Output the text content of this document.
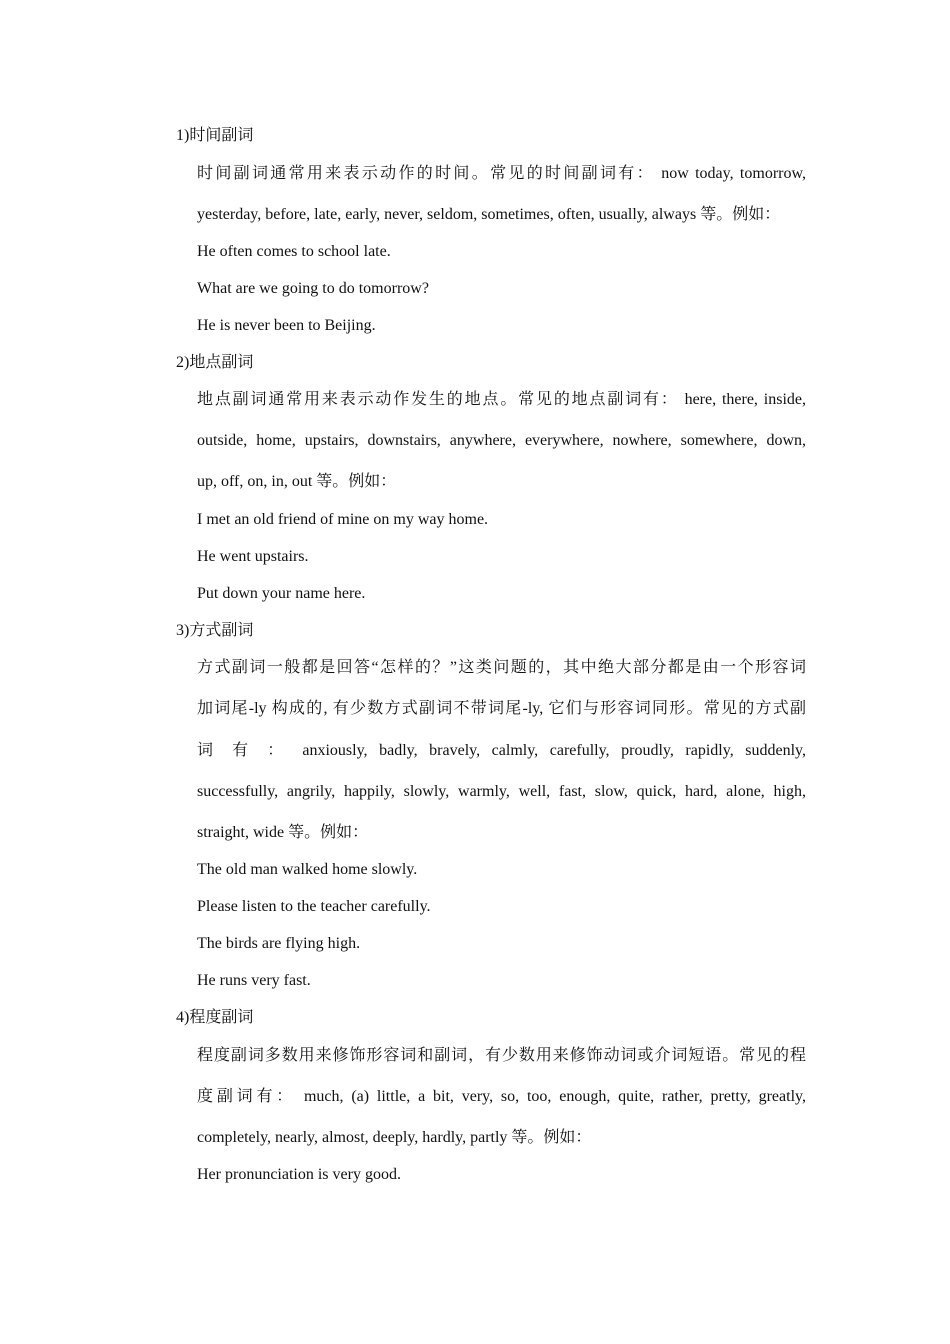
1)时间副词
时间副词通常用来表示动作的时间。常见的时间副词有： now today, tomorrow,
yesterday, before, late, early, never, seldom, sometimes, often, usually, always 等。例如：
He often comes to school late.
What are we going to do tomorrow?
He is never been to Beijing.
2)地点副词
地点副词通常用来表示动作发生的地点。常见的地点副词有： here, there, inside,
outside, home, upstairs, downstairs, anywhere, everywhere, nowhere, somewhere, down,
up, off, on, in, out 等。例如：
I met an old friend of mine on my way home.
He went upstairs.
Put down your name here.
3)方式副词
方式副词一般都是回答“怎样的？”这类问题的，其中绝大部分都是由一个形容词
加词尾-ly 构成的, 有少数方式副词不带词尾-ly, 它们与形容词同形。常见的方式副
词 有 ： anxiously, badly, bravely, calmly, carefully, proudly, rapidly, suddenly,
successfully, angrily, happily, slowly, warmly, well, fast, slow, quick, hard, alone, high,
straight, wide 等。例如：
The old man walked home slowly.
Please listen to the teacher carefully.
The birds are flying high.
He runs very fast.
4)程度副词
程度副词多数用来修饰形容词和副词，有少数用来修饰动词或介词短语。常见的程
度副词有： much, (a) little, a bit, very, so, too, enough, quite, rather, pretty, greatly,
completely, nearly, almost, deeply, hardly, partly 等。例如：
Her pronunciation is very good.
